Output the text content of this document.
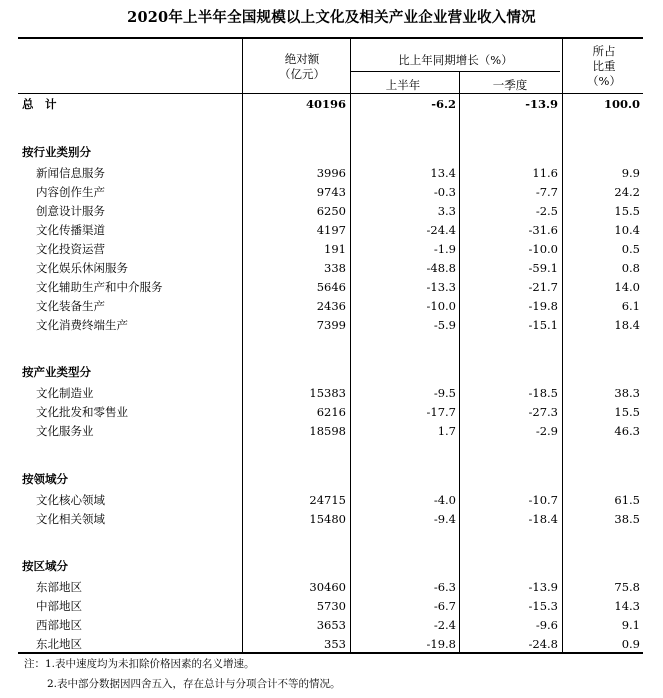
2020年上半年全国规模以上文化及相关产业企业营业收入情况
绝对额
（亿元）
比上年同期增长（%）
上半年	一季度
所占
比重
（%）
总　计	40196	-6.2	-13.9	100.0
按行业类别分
新闻信息服务	3996	13.4	11.6	9.9
内容创作生产	9743	-0.3	-7.7	24.2
创意设计服务	6250	3.3	-2.5	15.5
文化传播渠道	4197	-24.4	-31.6	10.4
文化投资运营	191	-1.9	-10.0	0.5
文化娱乐休闲服务	338	-48.8	-59.1	0.8
文化辅助生产和中介服务	5646	-13.3	-21.7	14.0
文化装备生产	2436	-10.0	-19.8	6.1
文化消费终端生产	7399	-5.9	-15.1	18.4
按产业类型分
文化制造业	15383	-9.5	-18.5	38.3
文化批发和零售业	6216	-17.7	-27.3	15.5
文化服务业	18598	1.7	-2.9	46.3
按领域分
文化核心领域	24715	-4.0	-10.7	61.5
文化相关领域	15480	-9.4	-18.4	38.5
按区域分
东部地区	30460	-6.3	-13.9	75.8
中部地区	5730	-6.7	-15.3	14.3
西部地区	3653	-2.4	-9.6	9.1
东北地区	353	-19.8	-24.8	0.9
注：1.表中速度均为未扣除价格因素的名义增速。
2.表中部分数据因四舍五入，存在总计与分项合计不等的情况。
